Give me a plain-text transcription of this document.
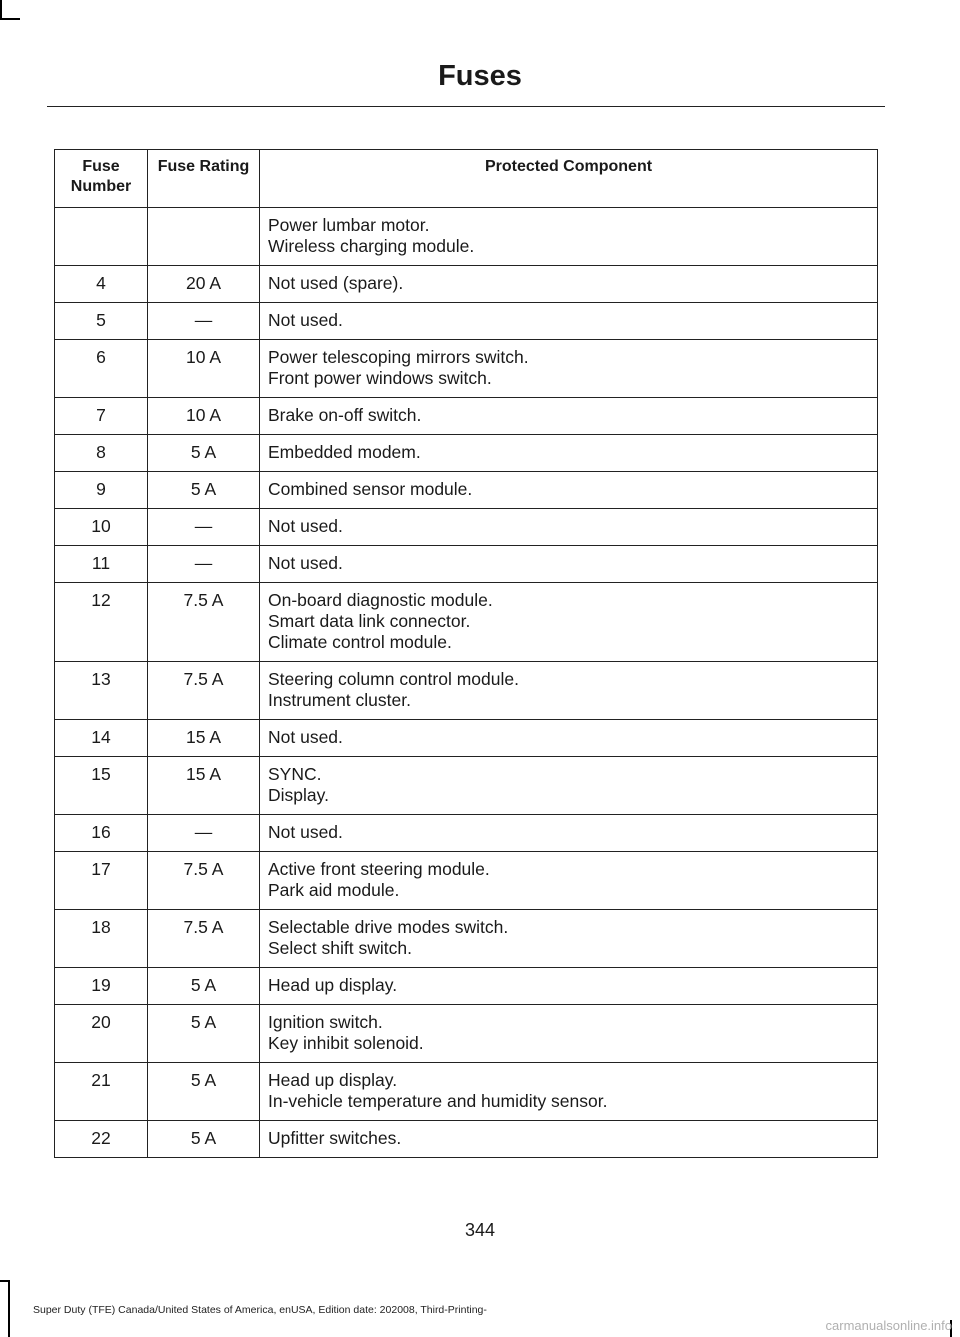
Fuses
Fuse Number	Fuse Rating	Protected Component

		Power lumbar motor.
Wireless charging module.

4	20 A	Not used (spare).

5	—	Not used.

6	10 A	Power telescoping mirrors switch.
Front power windows switch.

7	10 A	Brake on-off switch.

8	5 A	Embedded modem.

9	5 A	Combined sensor module.

10	—	Not used.

11	—	Not used.

12	7.5 A	On-board diagnostic module.
Smart data link connector.
Climate control module.

13	7.5 A	Steering column control module.
Instrument cluster.

14	15 A	Not used.

15	15 A	SYNC.
Display.

16	—	Not used.

17	7.5 A	Active front steering module.
Park aid module.

18	7.5 A	Selectable drive modes switch.
Select shift switch.

19	5 A	Head up display.

20	5 A	Ignition switch.
Key inhibit solenoid.

21	5 A	Head up display.
In-vehicle temperature and humidity sensor.

22	5 A	Upfitter switches.
344
Super Duty (TFE) Canada/United States of America, enUSA, Edition date: 202008, Third-Printing-
carmanualsonline.info
